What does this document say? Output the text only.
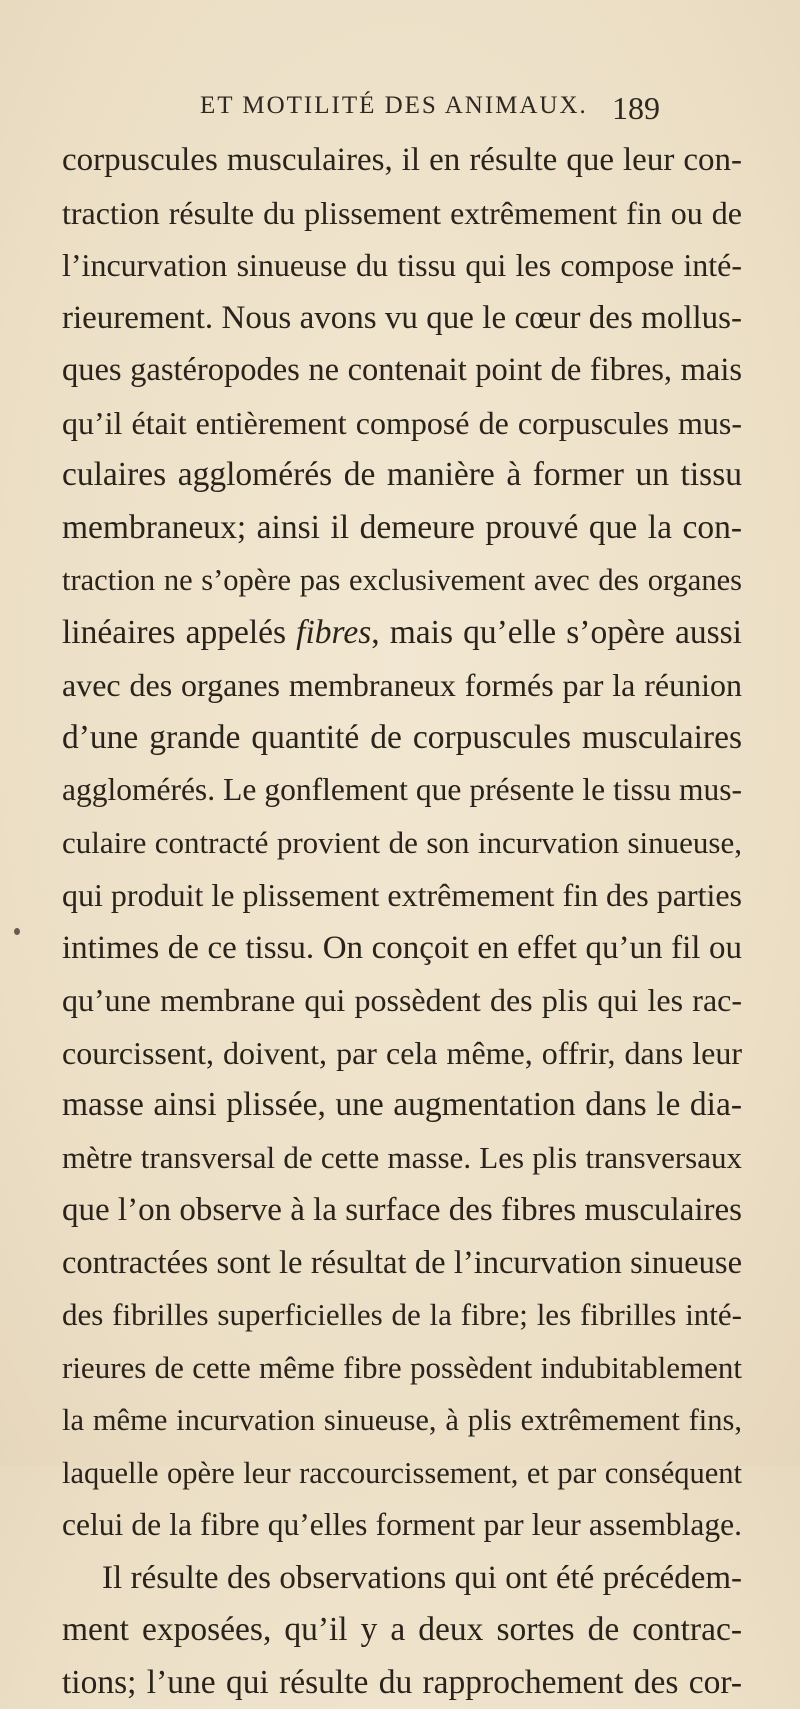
ET MOTILITÉ DES ANIMAUX. 189
corpuscules musculaires, il en résulte que leur con-
traction résulte du plissement extrêmement fin ou de
l’incurvation sinueuse du tissu qui les compose inté-
rieurement. Nous avons vu que le cœur des mollus-
ques gastéropodes ne contenait point de fibres, mais
qu’il était entièrement composé de corpuscules mus-
culaires agglomérés de manière à former un tissu
membraneux; ainsi il demeure prouvé que la con-
traction ne s’opère pas exclusivement avec des organes
linéaires appelés fibres, mais qu’elle s’opère aussi
avec des organes membraneux formés par la réunion
d’une grande quantité de corpuscules musculaires
agglomérés. Le gonflement que présente le tissu mus-
culaire contracté provient de son incurvation sinueuse,
qui produit le plissement extrêmement fin des parties
intimes de ce tissu. On conçoit en effet qu’un fil ou
qu’une membrane qui possèdent des plis qui les rac-
courcissent, doivent, par cela même, offrir, dans leur
masse ainsi plissée, une augmentation dans le dia-
mètre transversal de cette masse. Les plis transversaux
que l’on observe à la surface des fibres musculaires
contractées sont le résultat de l’incurvation sinueuse
des fibrilles superficielles de la fibre; les fibrilles inté-
rieures de cette même fibre possèdent indubitablement
la même incurvation sinueuse, à plis extrêmement fins,
laquelle opère leur raccourcissement, et par conséquent
celui de la fibre qu’elles forment par leur assemblage.
Il résulte des observations qui ont été précédem-
ment exposées, qu’il y a deux sortes de contrac-
tions; l’une qui résulte du rapprochement des cor-
